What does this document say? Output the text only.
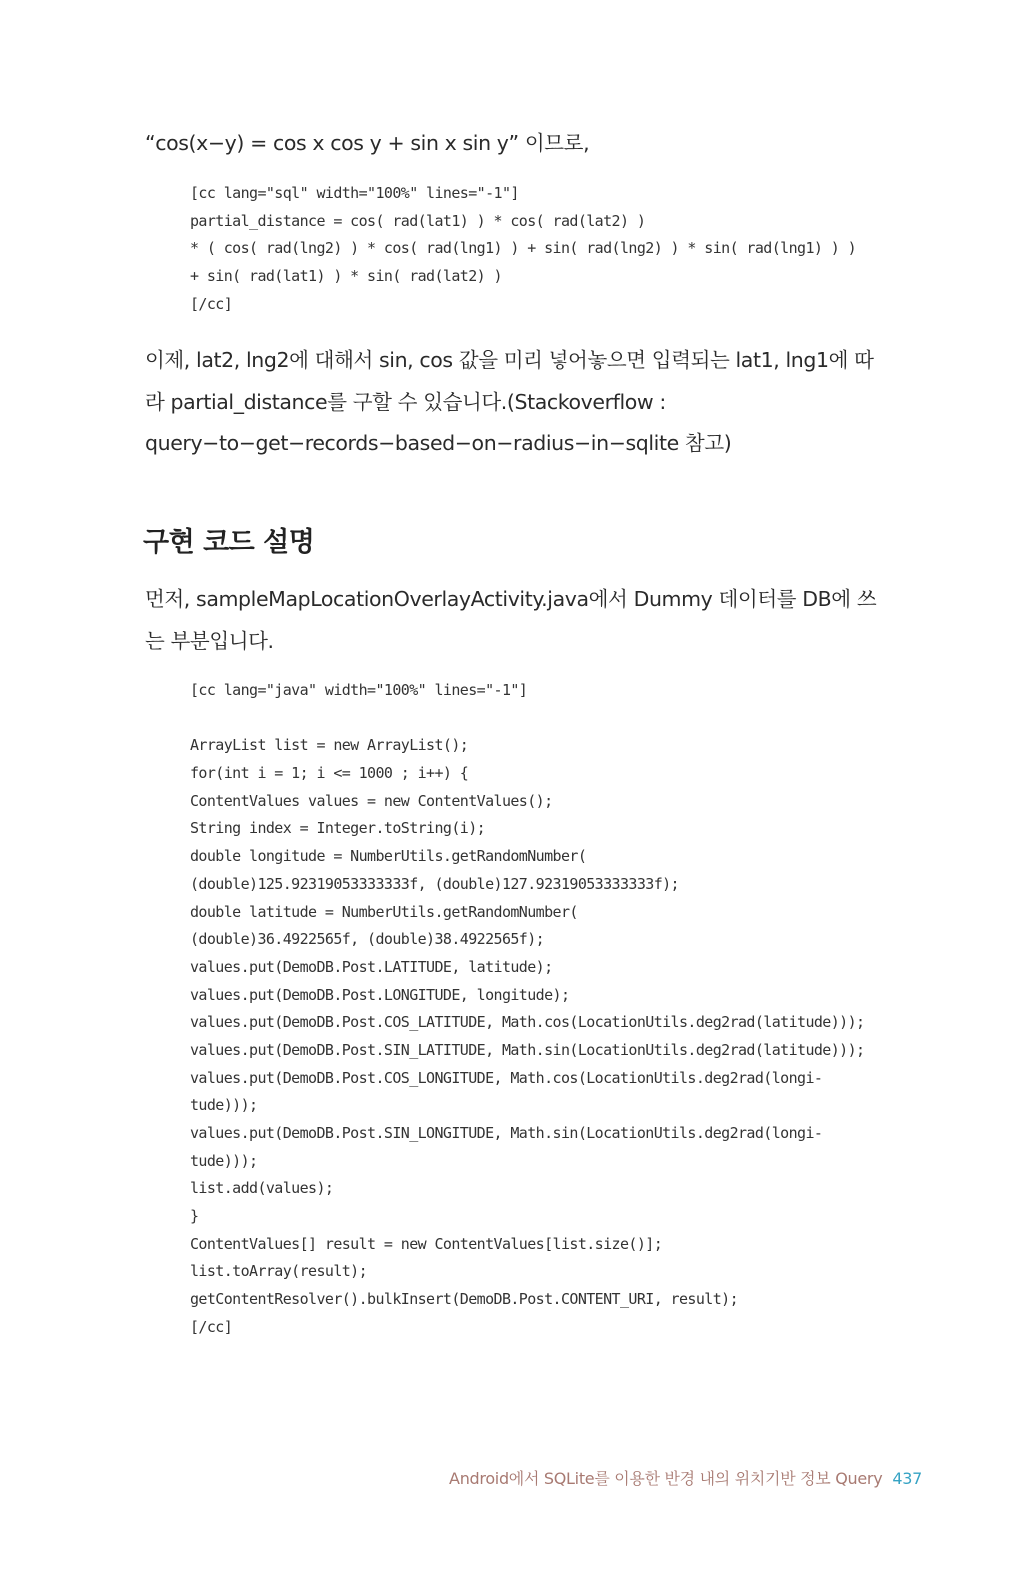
“cos(x−y) = cos x cos y + sin x sin y” 이므로,
[cc lang="sql" width="100%" lines="-1"]
partial_distance = cos( rad(lat1) ) * cos( rad(lat2) )
* ( cos( rad(lng2) ) * cos( rad(lng1) ) + sin( rad(lng2) ) * sin( rad(lng1) ) )
+ sin( rad(lat1) ) * sin( rad(lat2) )
[/cc]
이제, lat2, lng2에 대해서 sin, cos 값을 미리 넣어놓으면 입력되는 lat1, lng1에 따라 partial_distance를 구할 수 있습니다.(Stackoverflow : query−to−get−records−based−on−radius−in−sqlite 참고)
구현 코드 설명
먼저, sampleMapLocationOverlayActivity.java에서 Dummy 데이터를 DB에 쓰는 부분입니다.
[cc lang="java" width="100%" lines="-1"]
ArrayList list = new ArrayList();
for(int i = 1; i <= 1000 ; i++) {
ContentValues values = new ContentValues();
String index = Integer.toString(i);
double longitude = NumberUtils.getRandomNumber(
(double)125.92319053333333f, (double)127.92319053333333f);
double latitude = NumberUtils.getRandomNumber(
(double)36.4922565f, (double)38.4922565f);
values.put(DemoDB.Post.LATITUDE, latitude);
values.put(DemoDB.Post.LONGITUDE, longitude);
values.put(DemoDB.Post.COS_LATITUDE, Math.cos(LocationUtils.deg2rad(latitude)));
values.put(DemoDB.Post.SIN_LATITUDE, Math.sin(LocationUtils.deg2rad(latitude)));
values.put(DemoDB.Post.COS_LONGITUDE, Math.cos(LocationUtils.deg2rad(longi-
tude)));
values.put(DemoDB.Post.SIN_LONGITUDE, Math.sin(LocationUtils.deg2rad(longi-
tude)));
list.add(values);
}
ContentValues[] result = new ContentValues[list.size()];
list.toArray(result);
getContentResolver().bulkInsert(DemoDB.Post.CONTENT_URI, result);
[/cc]
Android에서 SQLite를 이용한 반경 내의 위치기반 정보 Query 437
